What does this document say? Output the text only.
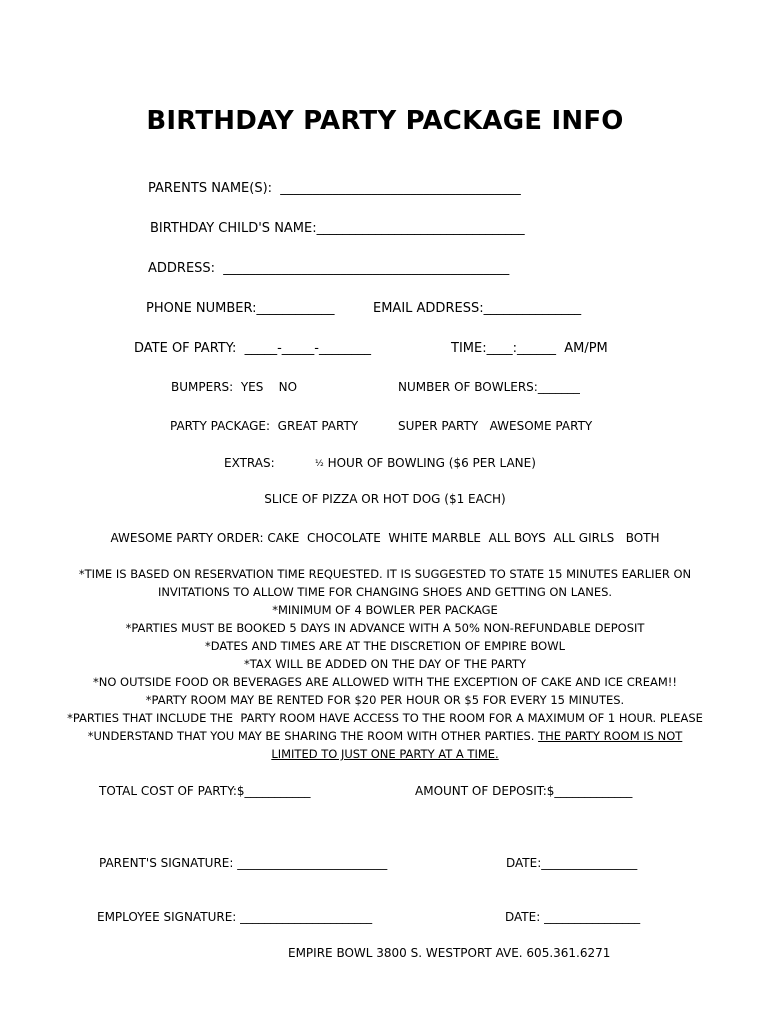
BIRTHDAY PARTY PACKAGE INFO
PARENTS NAME(S):  _____________________________________
BIRTHDAY CHILD'S NAME:________________________________
ADDRESS:  ____________________________________________
PHONE NUMBER:____________	EMAIL ADDRESS:_______________
DATE OF PARTY:  _____-_____-________	TIME:____:______  AM/PM
BUMPERS:  YES    NO	NUMBER OF BOWLERS:_______
PARTY PACKAGE:  GREAT PARTY	SUPER PARTY   AWESOME PARTY
EXTRAS:	½ HOUR OF BOWLING ($6 PER LANE)
SLICE OF PIZZA OR HOT DOG ($1 EACH)
AWESOME PARTY ORDER: CAKE  CHOCOLATE  WHITE MARBLE  ALL BOYS  ALL GIRLS   BOTH
*TIME IS BASED ON RESERVATION TIME REQUESTED. IT IS SUGGESTED TO STATE 15 MINUTES EARLIER ON
INVITATIONS TO ALLOW TIME FOR CHANGING SHOES AND GETTING ON LANES.
*MINIMUM OF 4 BOWLER PER PACKAGE
*PARTIES MUST BE BOOKED 5 DAYS IN ADVANCE WITH A 50% NON-REFUNDABLE DEPOSIT
*DATES AND TIMES ARE AT THE DISCRETION OF EMPIRE BOWL
*TAX WILL BE ADDED ON THE DAY OF THE PARTY
*NO OUTSIDE FOOD OR BEVERAGES ARE ALLOWED WITH THE EXCEPTION OF CAKE AND ICE CREAM!!
*PARTY ROOM MAY BE RENTED FOR $20 PER HOUR OR $5 FOR EVERY 15 MINUTES.
*PARTIES THAT INCLUDE THE  PARTY ROOM HAVE ACCESS TO THE ROOM FOR A MAXIMUM OF 1 HOUR. PLEASE
*UNDERSTAND THAT YOU MAY BE SHARING THE ROOM WITH OTHER PARTIES. THE PARTY ROOM IS NOT
LIMITED TO JUST ONE PARTY AT A TIME.
TOTAL COST OF PARTY:$___________	AMOUNT OF DEPOSIT:$_____________
PARENT'S SIGNATURE: _________________________	DATE:________________
EMPLOYEE SIGNATURE: ______________________	DATE: ________________
EMPIRE BOWL 3800 S. WESTPORT AVE. 605.361.6271
